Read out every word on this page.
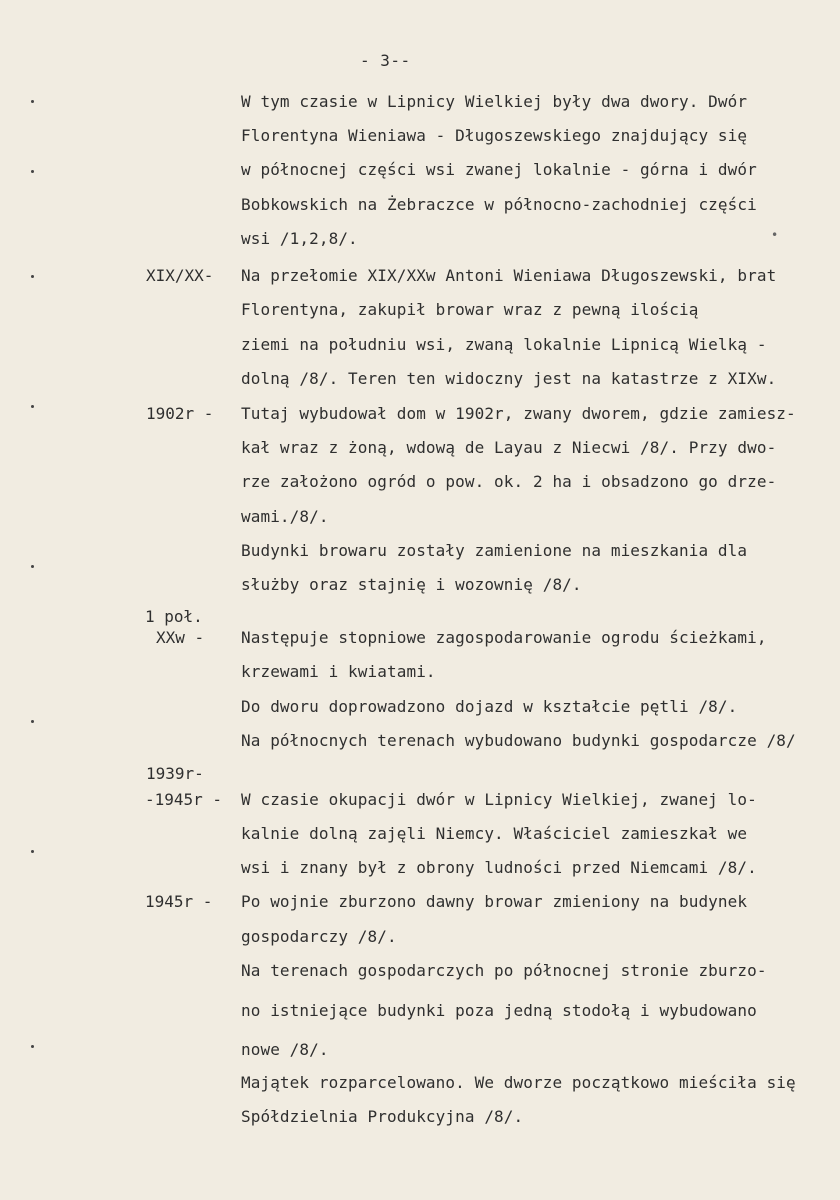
- 3--
•
XIX/XX-
1902r -
1 poł.
XXw -
1939r-
-1945r -
1945r -
W tym czasie w Lipnicy Wielkiej były dwa dwory. Dwór
Florentyna Wieniawa - Długoszewskiego znajdujący się
w północnej części wsi zwanej lokalnie - górna i dwór
Bobkowskich na Żebraczce w północno-zachodniej części
wsi /1,2,8/.
Na przełomie XIX/XXw Antoni Wieniawa Długoszewski, brat
Florentyna, zakupił browar wraz z pewną ilością
ziemi na południu wsi, zwaną lokalnie Lipnicą Wielką -
dolną /8/. Teren ten widoczny jest na katastrze z XIXw.
Tutaj wybudował dom w 1902r, zwany dworem, gdzie zamiesz-
kał wraz z żoną, wdową de Layau z Niecwi /8/. Przy dwo-
rze założono ogród o pow. ok. 2 ha i obsadzono go drze-
wami./8/.
Budynki browaru zostały zamienione na mieszkania dla
służby oraz stajnię i wozownię /8/.
Następuje stopniowe zagospodarowanie ogrodu ścieżkami,
krzewami i kwiatami.
Do dworu doprowadzono dojazd w kształcie pętli /8/.
Na północnych terenach wybudowano budynki gospodarcze /8/
W czasie okupacji dwór w Lipnicy Wielkiej, zwanej lo-
kalnie dolną zajęli Niemcy. Właściciel zamieszkał we
wsi i znany był z obrony ludności przed Niemcami /8/.
Po wojnie zburzono dawny browar zmieniony na budynek
gospodarczy /8/.
Na terenach gospodarczych po północnej stronie zburzo-
no istniejące budynki poza jedną stodołą i wybudowano
nowe /8/.
Majątek rozparcelowano. We dworze początkowo mieściła się
Spółdzielnia Produkcyjna /8/.
